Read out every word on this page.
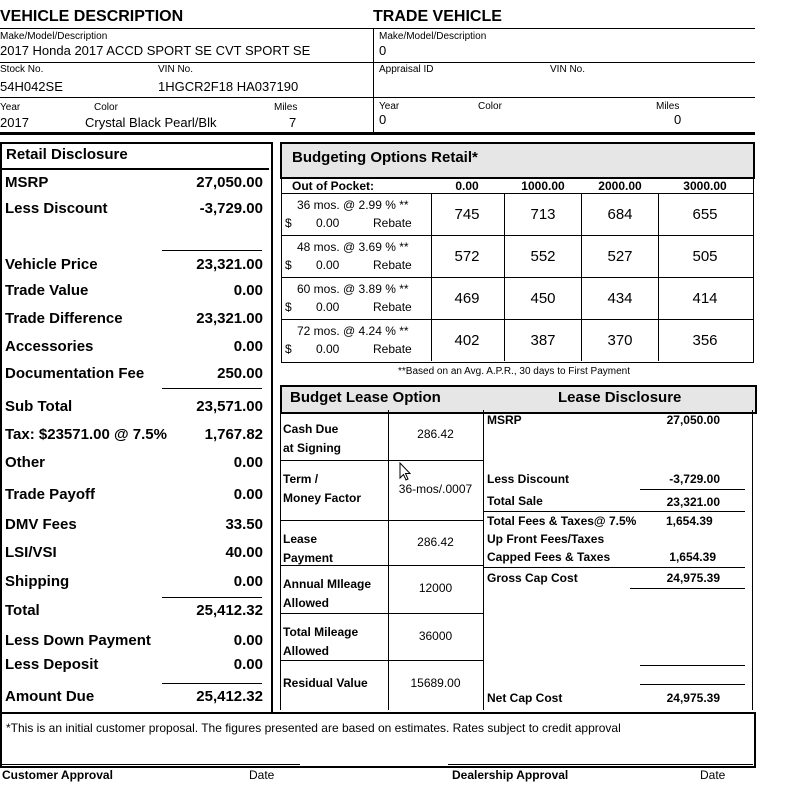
VEHICLE DESCRIPTION	TRADE VEHICLE
Make/Model/Description
2017 Honda 2017 ACCD SPORT SE CVT SPORT SE
Make/Model/Description
0
Stock No.	VIN No.
54H042SE	1HGCR2F18 HA037190
Appraisal ID	VIN No.
Year	Color	Miles
2017	Crystal Black Pearl/Blk	7
Year	Color	Miles
0	0
Retail Disclosure
MSRP	27,050.00
Less Discount	-3,729.00
Vehicle Price	23,321.00
Trade Value	0.00
Trade Difference	23,321.00
Accessories	0.00
Documentation Fee	250.00
Sub Total	23,571.00
Tax: $23571.00 @ 7.5%	1,767.82
Other	0.00
Trade Payoff	0.00
DMV Fees	33.50
LSI/VSI	40.00
Shipping	0.00
Total	25,412.32
Less Down Payment	0.00
Less Deposit	0.00
Amount Due	25,412.32
Budgeting Options Retail*
Out of Pocket:	0.00	1000.00	2000.00	3000.00
36 mos. @ 2.99 % **
$ 0.00	Rebate	745	713	684	655
48 mos. @ 3.69 % **
$ 0.00	Rebate	572	552	527	505
60 mos. @ 3.89 % **
$ 0.00	Rebate	469	450	434	414
72 mos. @ 4.24 % **
$ 0.00	Rebate	402	387	370	356
**Based on an Avg. A.P.R., 30 days to First Payment
Budget Lease Option	Lease Disclosure
Cash Due
at Signing
286.42
Term /
Money Factor
36-mos/.0007
Lease
Payment
286.42
Annual MIleage
Allowed
12000
Total Mileage
Allowed
36000
Residual Value	15689.00
MSRP	27,050.00
Less Discount	-3,729.00
Total Sale	23,321.00
Total Fees & Taxes@ 7.5% 1,654.39
Up Front Fees/Taxes
Capped Fees & Taxes	1,654.39
Gross Cap Cost	24,975.39
Net Cap Cost	24,975.39
*This is an initial customer proposal. The figures presented are based on estimates. Rates subject to credit approval
Customer Approval	Date	Dealership Approval	Date
